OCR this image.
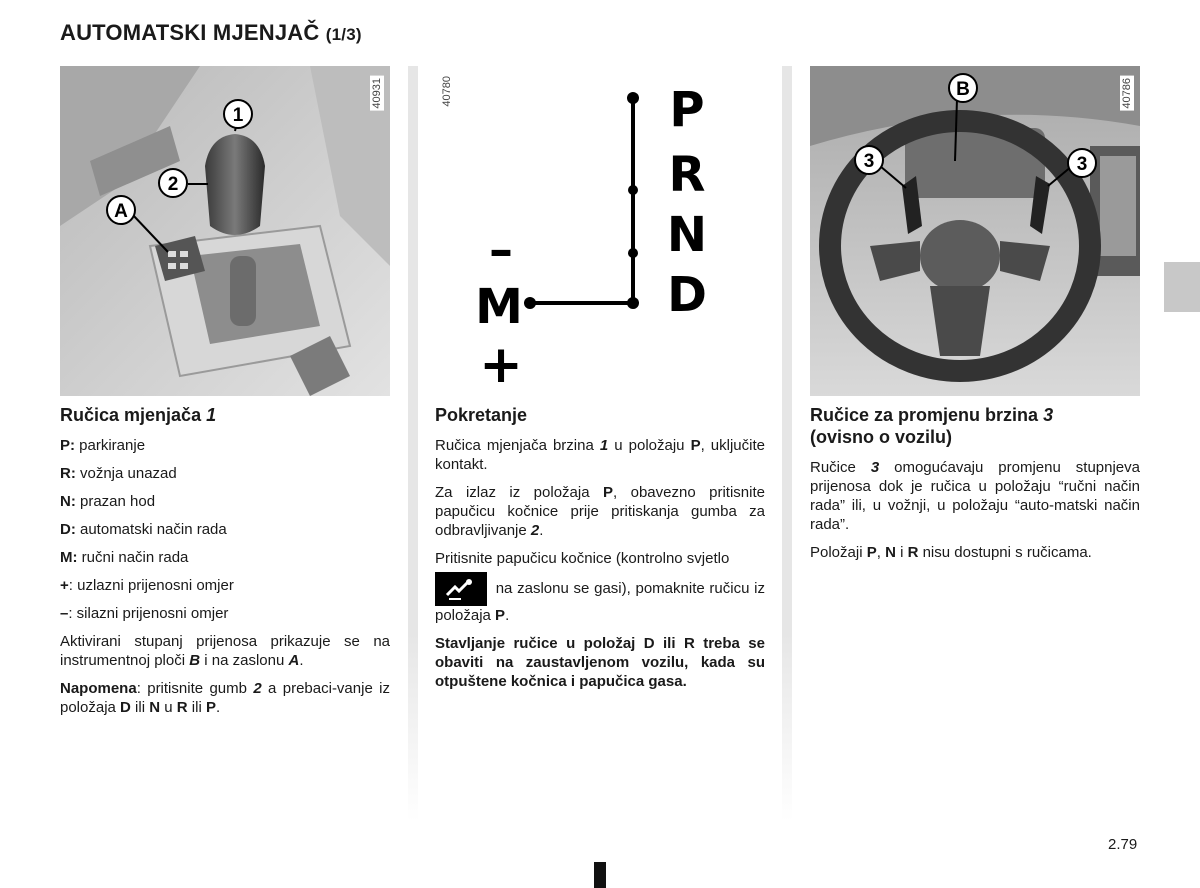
AUTOMATSKI MJENJAČ (1/3)
1
2
A
40931
Ručica mjenjača 1
P: parkiranje
R: vožnja unazad
N: prazan hod
D: automatski način rada
M: ručni način rada
+: uzlazni prijenosni omjer
–: silazni prijenosni omjer
Aktivirani stupanj prijenosa prikazuje se na instrumentnoj ploči B i na zaslonu A.
Napomena: pritisnite gumb 2 a prebaci-vanje iz položaja D ili N u R ili P.
P
R
N
D
M
–
+
40780
Pokretanje
Ručica mjenjača brzina 1 u položaju P, uključite kontakt.
Za izlaz iz položaja P, obavezno pritisnite papučicu kočnice prije pritiskanja gumba za odbravljivanje 2.
Pritisnite papučicu kočnice (kontrolno svjetlo
na zaslonu se gasi), pomaknite ručicu iz položaja P.
Stavljanje ručice u položaj D ili R treba se obaviti na zaustavljenom vozilu, kada su otpuštene kočnica i papučica gasa.
B
3	3
40786
Ručice za promjenu brzina 3
(ovisno o vozilu)
Ručice 3 omogućavaju promjenu stupnjeva prijenosa dok je ručica u položaju “ručni način rada” ili, u vožnji, u položaju “auto-matski način rada”.
Položaji P, N i R nisu dostupni s ručicama.
2.79
